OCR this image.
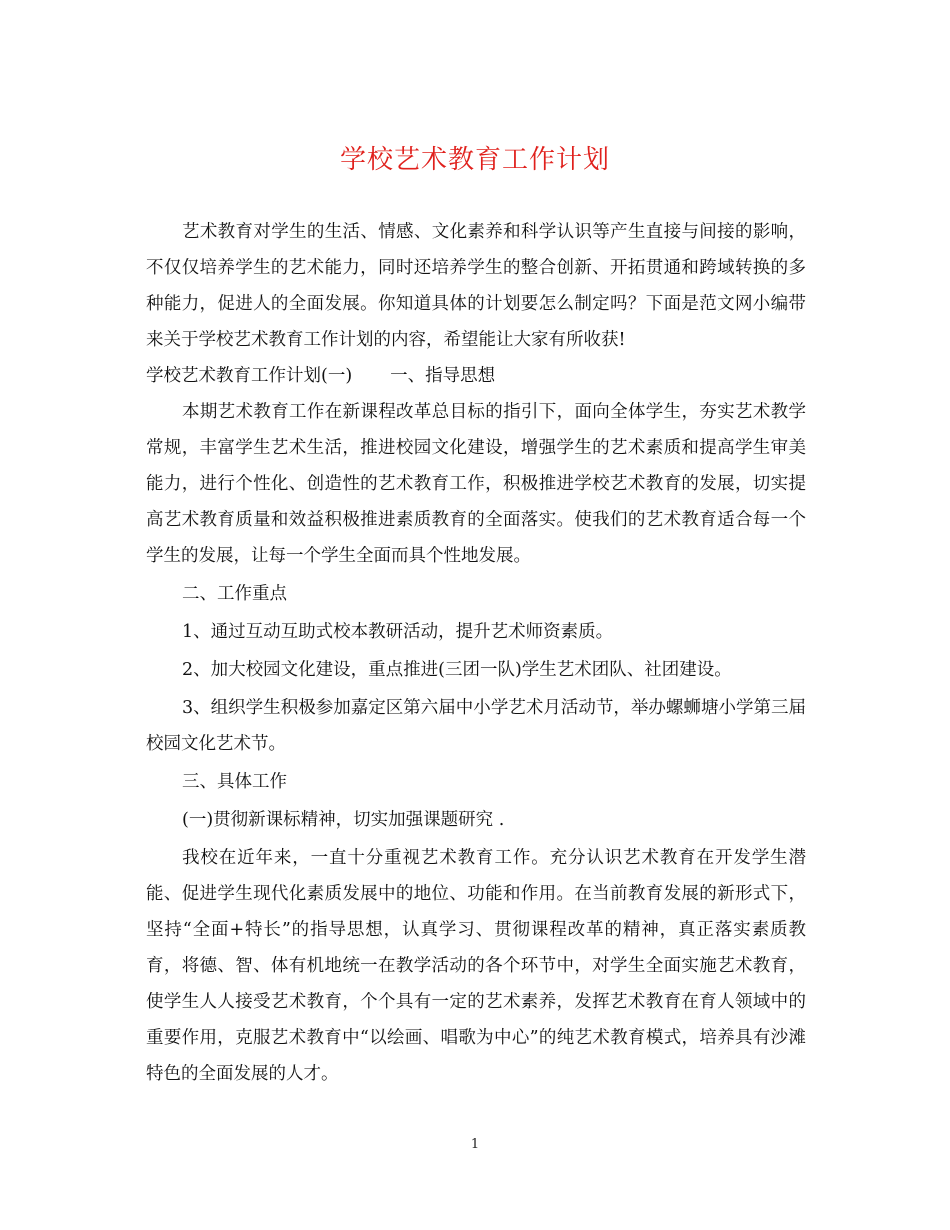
学校艺术教育工作计划

艺术教育对学生的生活、情感、文化素养和科学认识等产生直接与间接的影响，不仅仅培养学生的艺术能力，同时还培养学生的整合创新、开拓贯通和跨域转换的多种能力，促进人的全面发展。你知道具体的计划要怎么制定吗？下面是范文网小编带来关于学校艺术教育工作计划的内容，希望能让大家有所收获!

学校艺术教育工作计划(一) 一、指导思想

本期艺术教育工作在新课程改革总目标的指引下，面向全体学生，夯实艺术教学常规，丰富学生艺术生活，推进校园文化建设，增强学生的艺术素质和提高学生审美能力，进行个性化、创造性的艺术教育工作，积极推进学校艺术教育的发展，切实提高艺术教育质量和效益积极推进素质教育的全面落实。使我们的艺术教育适合每一个学生的发展，让每一个学生全面而具个性地发展。

二、工作重点

1、通过互动互助式校本教研活动，提升艺术师资素质。

2、加大校园文化建设，重点推进(三团一队)学生艺术团队、社团建设。

3、组织学生积极参加嘉定区第六届中小学艺术月活动节，举办螺蛳塘小学第三届校园文化艺术节。

三、具体工作

(一)贯彻新课标精神，切实加强课题研究 .

我校在近年来，一直十分重视艺术教育工作。充分认识艺术教育在开发学生潜能、促进学生现代化素质发展中的地位、功能和作用。在当前教育发展的新形式下，坚持“全面+特长”的指导思想，认真学习、贯彻课程改革的精神，真正落实素质教育，将德、智、体有机地统一在教学活动的各个环节中，对学生全面实施艺术教育，使学生人人接受艺术教育，个个具有一定的艺术素养，发挥艺术教育在育人领域中的重要作用，克服艺术教育中“以绘画、唱歌为中心”的纯艺术教育模式，培养具有沙滩特色的全面发展的人才。

1
